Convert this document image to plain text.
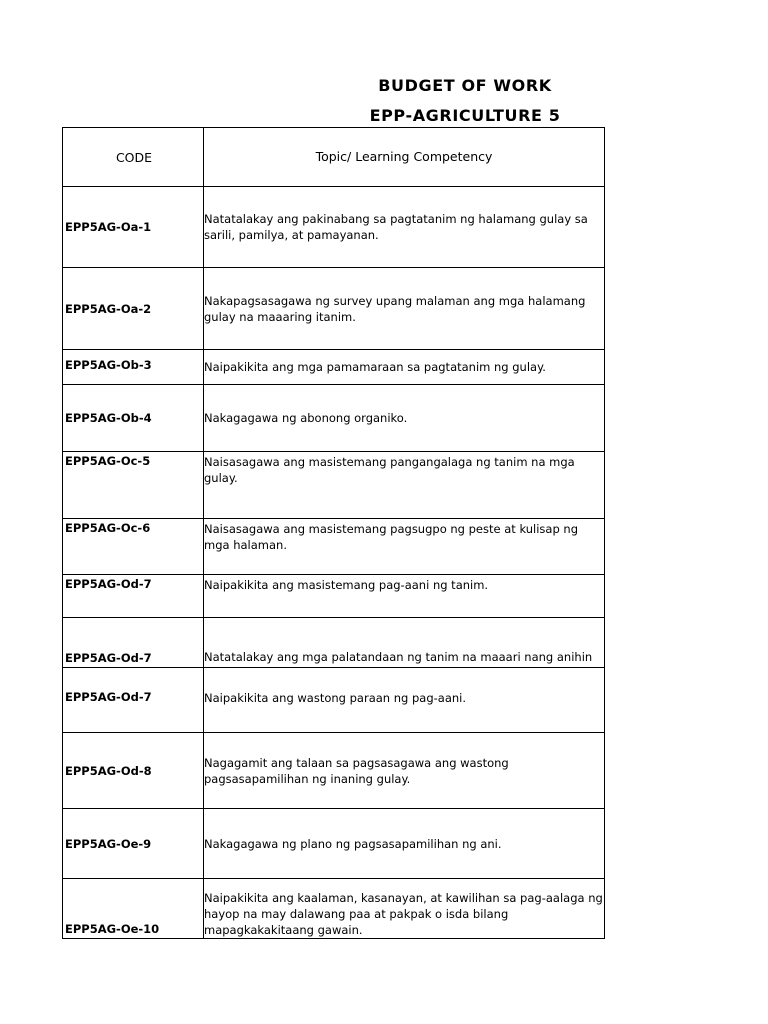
BUDGET OF WORK
EPP-AGRICULTURE 5
CODE	Topic/ Learning Competency
EPP5AG-Oa-1	Natatalakay ang pakinabang sa pagtatanim ng halamang gulay sa sarili, pamilya, at pamayanan.
EPP5AG-Oa-2	Nakapagsasagawa ng survey upang malaman ang mga halamang gulay na maaaring itanim.
EPP5AG-Ob-3	Naipakikita ang mga pamamaraan sa pagtatanim ng gulay.
EPP5AG-Ob-4	Nakagagawa ng abonong organiko.
EPP5AG-Oc-5	Naisasagawa ang masistemang pangangalaga ng tanim na mga gulay.
EPP5AG-Oc-6	Naisasagawa ang masistemang pagsugpo ng peste at kulisap ng mga halaman.
EPP5AG-Od-7	Naipakikita ang masistemang pag-aani ng tanim.
EPP5AG-Od-7	Natatalakay ang mga palatandaan ng tanim na maaari nang anihin
EPP5AG-Od-7	Naipakikita ang wastong paraan ng pag-aani.
EPP5AG-Od-8	Nagagamit ang talaan sa pagsasagawa ang wastong pagsasapamilihan ng inaning gulay.
EPP5AG-Oe-9	Nakagagawa ng plano ng pagsasapamilihan ng ani.
EPP5AG-Oe-10	Naipakikita ang kaalaman, kasanayan, at kawilihan sa pag-aalaga ng hayop na may dalawang paa at pakpak o isda bilang mapagkakakitaang gawain.
